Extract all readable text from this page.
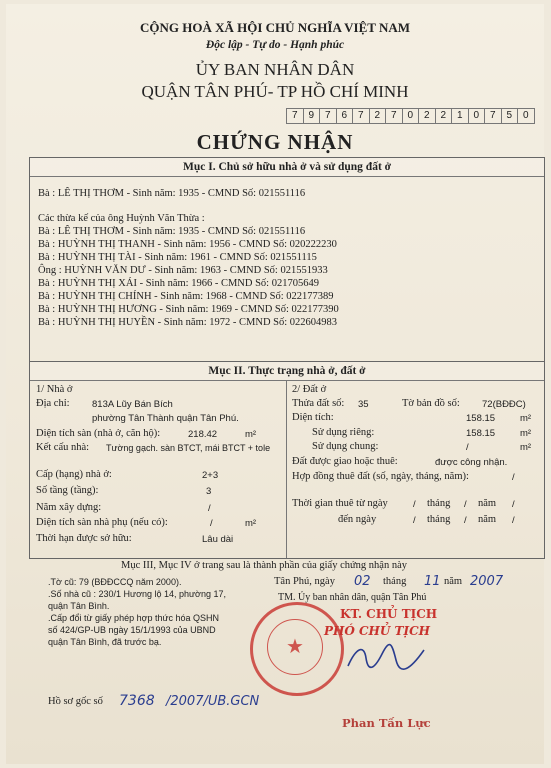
CỘNG HOÀ XÃ HỘI CHỦ NGHĨA VIỆT NAM
Độc lập - Tự do - Hạnh phúc
ỦY BAN NHÂN DÂN
QUẬN TÂN PHÚ- TP HỒ CHÍ MINH
7	9	7	6	7	2	7	0	2	2	1	0	7	5	0
CHỨNG NHẬN
Mục I. Chủ sở hữu nhà ở và sử dụng đất ở
Bà : LÊ THỊ THƠM - Sinh năm: 1935 - CMND Số: 021551116
Các thừa kế của ông Huỳnh Văn Thừa :
Bà : LÊ THỊ THƠM - Sinh năm: 1935 - CMND Số: 021551116
Bà : HUỲNH THỊ THANH - Sinh năm: 1956 - CMND Số: 020222230
Bà : HUỲNH THỊ TÀI - Sinh năm: 1961 - CMND Số: 021551115
Ông : HUỲNH VĂN DƯ - Sinh năm: 1963 - CMND Số: 021551933
Bà : HUỲNH THỊ XÁI - Sinh năm: 1966 - CMND Số: 021705649
Bà : HUỲNH THỊ CHÍNH - Sinh năm: 1968 - CMND Số: 022177389
Bà : HUỲNH THỊ HƯƠNG - Sinh năm: 1969 - CMND Số: 022177390
Bà : HUỲNH THỊ HUYỀN - Sinh năm: 1972 - CMND Số: 022604983
Mục II. Thực trạng nhà ở, đất ở
1/ Nhà ở
Địa chỉ: 813A Lũy Bán Bích
phường Tân Thành quận Tân Phú.
Diện tích sàn (nhà ở, căn hộ):	218.42	m²
Kết cấu nhà: Tường gạch. sàn BTCT, mái BTCT + tole
Cấp (hạng) nhà ở:	2+3
Số tầng (tầng):	3
Năm xây dựng:	/
Diện tích sàn nhà phụ (nếu có):	/	m²
Thời hạn được sở hữu:	Lâu dài
2/ Đất ở
Thửa đất số: 35	Tờ bản đồ số: 72(BĐĐC)
Diện tích:	158.15	m²
Sử dụng riêng:	158.15	m²
Sử dụng chung:	/	m²
Đất được giao hoặc thuê:	được công nhận.
Hợp đồng thuê đất (số, ngày, tháng, năm):	/
Thời gian thuê từ ngày	/ tháng / năm /
đến ngày	/ tháng / năm /
Mục III, Mục IV ở trang sau là thành phần của giấy chứng nhận này
.Tờ cũ: 79 (BĐĐCCQ năm 2000).
.Số nhà cũ : 230/1 Hương lộ 14, phường 17,
quận Tân Bình.
.Cấp đổi từ giấy phép hợp thức hóa QSHN
số 424/GP-UB ngày 15/1/1993 của UBND
quận Tân Bình, đã trước bạ.
Tân Phú, ngày 02 tháng 11 năm 2007
TM. Ủy ban nhân dân, quận Tân Phú
★
KT. CHỦ TỊCH
PHÓ CHỦ TỊCH
Phan Tấn Lực
Hồ sơ gốc số 7368 /2007/UB.GCN
